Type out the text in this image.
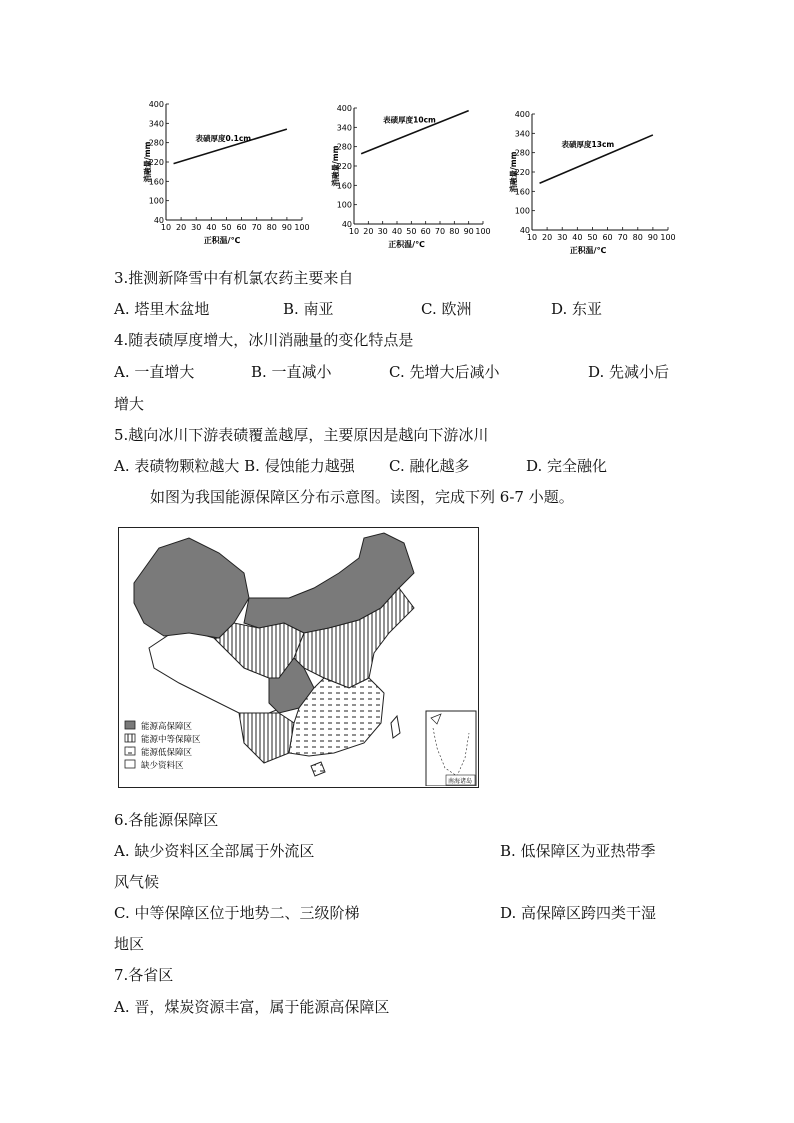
40
100
160
220
280
340
400
10 20 30 40 50 60 70 80 90 100
表碛厚度0.1cm
正积温/℃
消融量/mm
40
100
160
220
280
340
400
10 20 30 40 50 60 70 80 90 100
表碛厚度10cm
正积温/℃
消融量/mm
40
100
160
220
280
340
400
10 20 30 40 50 60 70 80 90 100
表碛厚度13cm
正积温/℃
消融量/mm
3.推测新降雪中有机氯农药主要来自
A. 塔里木盆地	B. 南亚	C. 欧洲	D. 东亚
4.随表碛厚度增大，冰川消融量的变化特点是
A. 一直增大	B. 一直减小	C. 先增大后减小	D. 先减小后
增大
5.越向冰川下游表碛覆盖越厚，主要原因是越向下游冰川
A. 表碛物颗粒越大 B. 侵蚀能力越强 C. 融化越多	D. 完全融化
如图为我国能源保障区分布示意图。读图，完成下列 6-7 小题。
能源高保障区
能源中等保障区
能源低保障区
缺少资料区
南海诸岛
6.各能源保障区
A. 缺少资料区全部属于外流区	B. 低保障区为亚热带季
风气候
C. 中等保障区位于地势二、三级阶梯	D. 高保障区跨四类干湿
地区
7.各省区
A. 晋，煤炭资源丰富，属于能源高保障区
